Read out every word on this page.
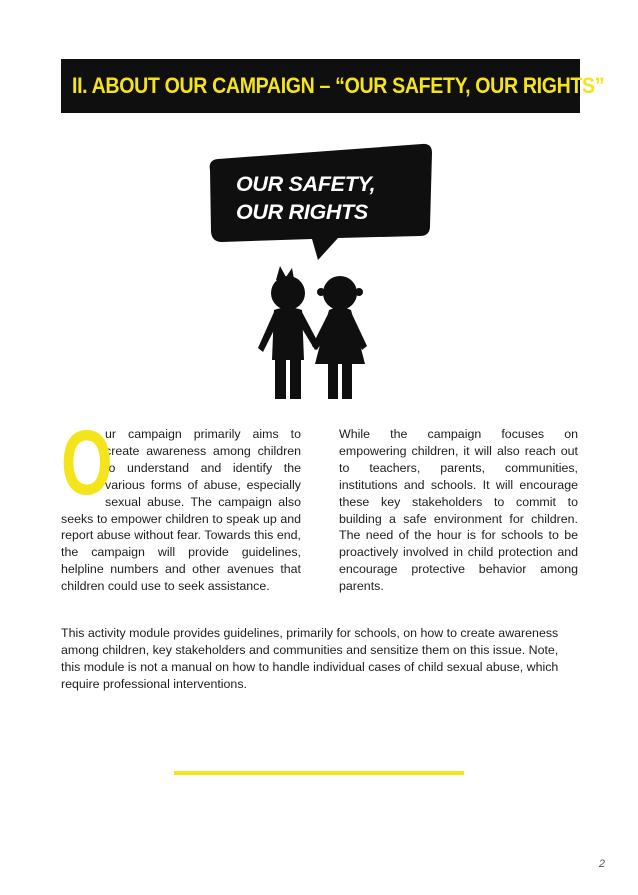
II. ABOUT OUR CAMPAIGN – “OUR SAFETY, OUR RIGHTS”
OUR SAFETY,
OUR RIGHTS
O
ur campaign primarily aims to create awareness among children to understand and identify the various forms of abuse, especially sexual abuse. The campaign also seeks to empower children to speak up and report abuse without fear. Towards this end, the campaign will provide guidelines, helpline numbers and other avenues that children could use to seek assistance.
While the campaign focuses on empowering children, it will also reach out to teachers, parents, communities, institutions and schools. It will encourage these key stakeholders to commit to building a safe environment for children. The need of the hour is for schools to be proactively involved in child protection and encourage protective behavior among parents.
This activity module provides guidelines, primarily for schools, on how to create awareness among children, key stakeholders and communities and sensitize them on this issue. Note, this module is not a manual on how to handle individual cases of child sexual abuse, which require professional interventions.
2
